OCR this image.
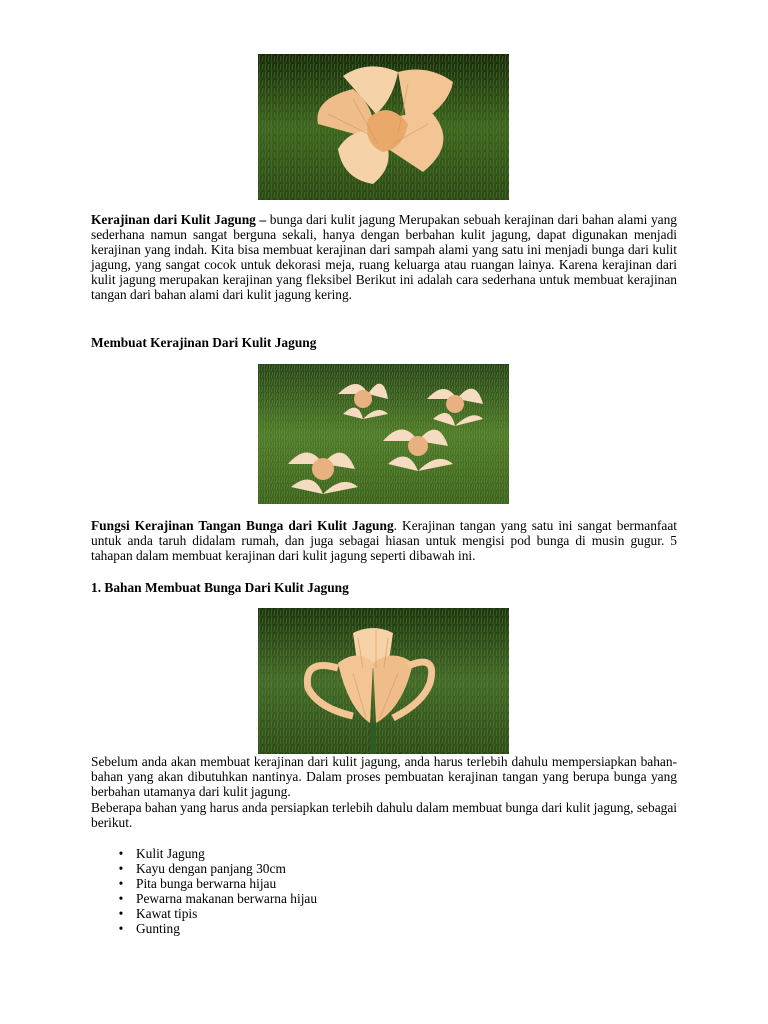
Kerajinan dari Kulit Jagung – bunga dari kulit jagung Merupakan sebuah kerajinan dari bahan alami yang sederhana namun sangat berguna sekali, hanya dengan berbahan kulit jagung, dapat digunakan menjadi kerajinan yang indah. Kita bisa membuat kerajinan dari sampah alami yang satu ini menjadi bunga dari kulit jagung, yang sangat cocok untuk dekorasi meja, ruang keluarga atau ruangan lainya. Karena kerajinan dari kulit jagung merupakan kerajinan yang fleksibel Berikut ini adalah cara sederhana untuk membuat kerajinan tangan dari bahan alami dari kulit jagung kering.

Membuat Kerajinan Dari Kulit Jagung

Fungsi Kerajinan Tangan Bunga dari Kulit Jagung. Kerajinan tangan yang satu ini sangat bermanfaat untuk anda taruh didalam rumah, dan juga sebagai hiasan untuk mengisi pod bunga di musin gugur. 5 tahapan dalam membuat kerajinan dari kulit jagung seperti dibawah ini.

1. Bahan Membuat Bunga Dari Kulit Jagung

Sebelum anda akan membuat kerajinan dari kulit jagung, anda harus terlebih dahulu mempersiapkan bahan-bahan yang akan dibutuhkan nantinya. Dalam proses pembuatan kerajinan tangan yang berupa bunga yang berbahan utamanya dari kulit jagung.

Beberapa bahan yang harus anda persiapkan terlebih dahulu dalam membuat bunga dari kulit jagung, sebagai berikut.

• Kulit Jagung
• Kayu dengan panjang 30cm
• Pita bunga berwarna hijau
• Pewarna makanan berwarna hijau
• Kawat tipis
• Gunting
